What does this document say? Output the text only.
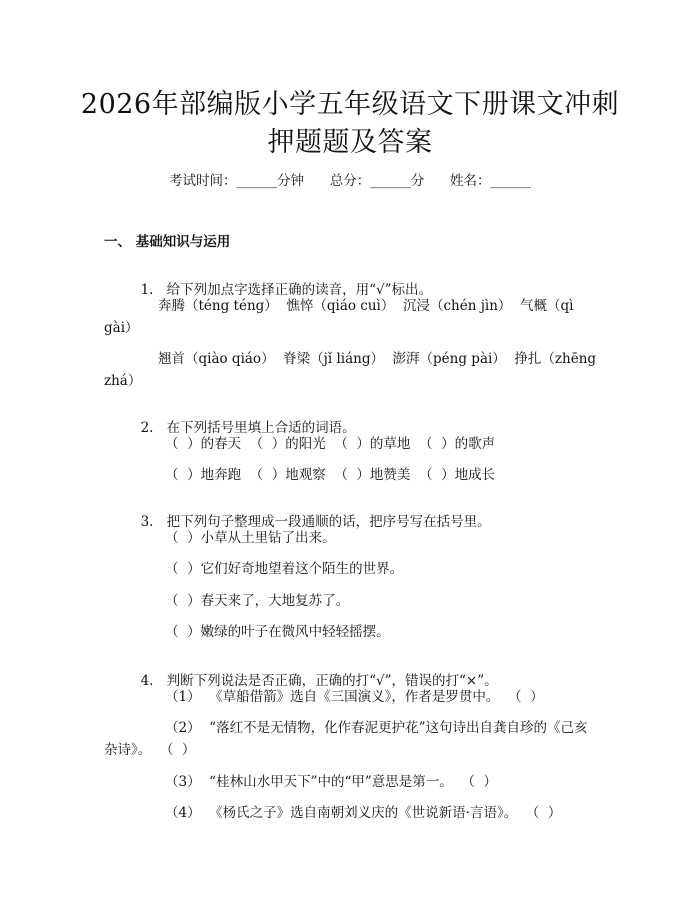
2026年部编版小学五年级语文下册课文冲刺
押题题及答案
考试时间：______分钟      总分：______分      姓名：______
一、 基础知识与运用

1. 给下列加点字选择正确的读音，用“√”标出。

奔腾（téng téng）  憔悴（qiáo cuì）  沉浸（chén jìn）  气概（qì
gài）
翘首（qiào qiáo）  脊梁（jǐ liáng）  澎湃（péng pài）  挣扎（zhēng
zhá）

2. 在下列括号里填上合适的词语。

（  ）的春天  （  ）的阳光  （  ）的草地  （  ）的歌声
（  ）地奔跑  （  ）地观察  （  ）地赞美  （  ）地成长

3. 把下列句子整理成一段通顺的话，把序号写在括号里。

（  ）小草从土里钻了出来。
（  ）它们好奇地望着这个陌生的世界。
（  ）春天来了，大地复苏了。
（  ）嫩绿的叶子在微风中轻轻摇摆。

4. 判断下列说法是否正确，正确的打“√”，错误的打“×”。

（1）  《草船借箭》选自《三国演义》，作者是罗贯中。  （  ）
（2）  “落红不是无情物，化作春泥更护花”这句诗出自龚自珍的《己亥
杂诗》。  （  ）
（3）  “桂林山水甲天下”中的“甲”意思是第一。  （  ）
（4）  《杨氏之子》选自南朝刘义庆的《世说新语·言语》。  （  ）
